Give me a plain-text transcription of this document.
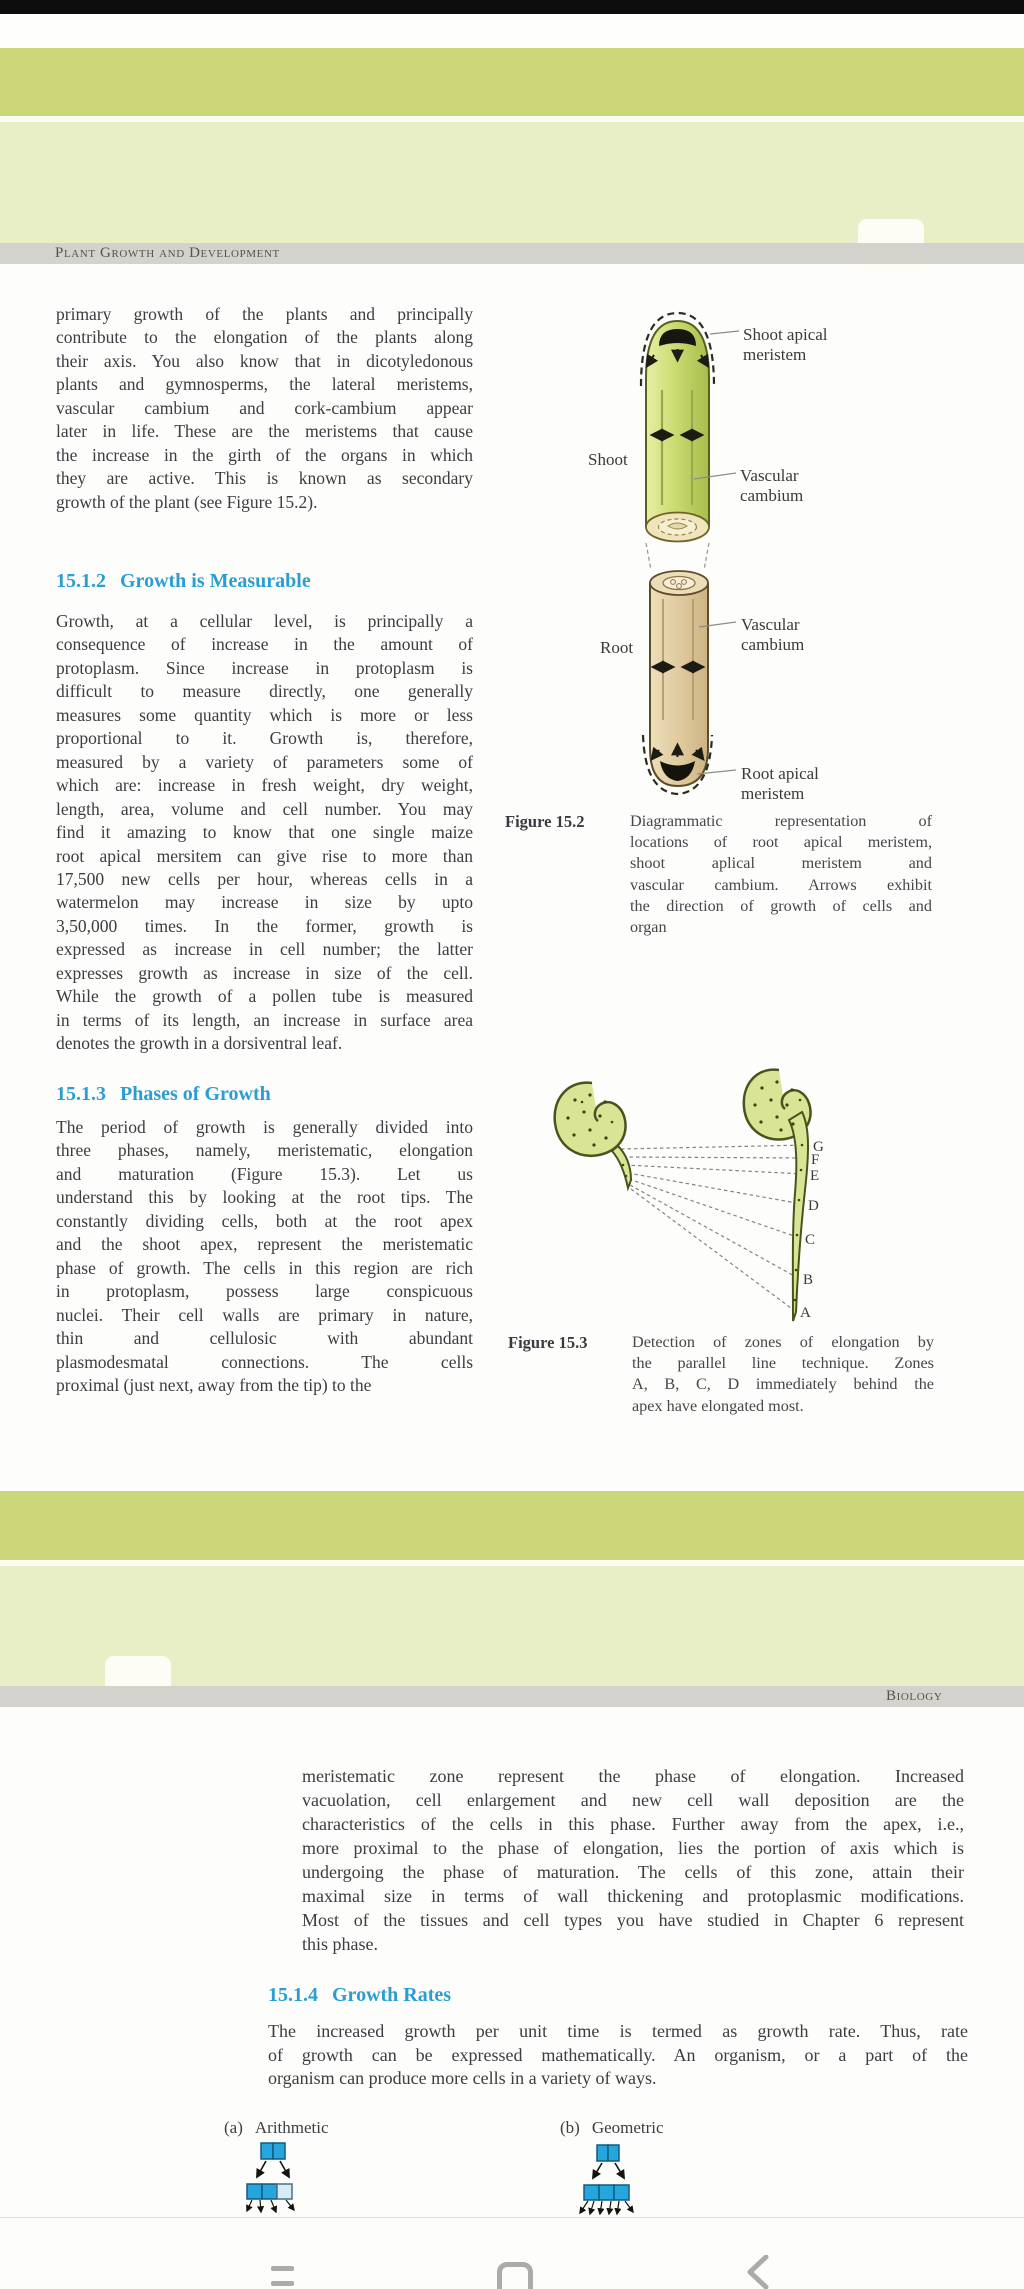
Plant Growth and Development
primary growth of the plants and principally
contribute to the elongation of the plants along
their axis. You also know that in dicotyledonous
plants and gymnosperms, the lateral meristems,
vascular cambium and cork-cambium appear
later in life. These are the meristems that cause
the increase in the girth of the organs in which
they are active. This is known as secondary
growth of the plant (see Figure 15.2).
15.1.2 Growth is Measurable
Growth, at a cellular level, is principally a
consequence of increase in the amount of
protoplasm. Since increase in protoplasm is
difficult to measure directly, one generally
measures some quantity which is more or less
proportional to it. Growth is, therefore,
measured by a variety of parameters some of
which are: increase in fresh weight, dry weight,
length, area, volume and cell number. You may
find it amazing to know that one single maize
root apical mersitem can give rise to more than
17,500 new cells per hour, whereas cells in a
watermelon may increase in size by upto
3,50,000 times. In the former, growth is
expressed as increase in cell number; the latter
expresses growth as increase in size of the cell.
While the growth of a pollen tube is measured
in terms of its length, an increase in surface area
denotes the growth in a dorsiventral leaf.
15.1.3 Phases of Growth
The period of growth is generally divided into
three phases, namely, meristematic, elongation
and maturation (Figure 15.3). Let us
understand this by looking at the root tips. The
constantly dividing cells, both at the root apex
and the shoot apex, represent the meristematic
phase of growth. The cells in this region are rich
in protoplasm, possess large conspicuous
nuclei. Their cell walls are primary in nature,
thin and cellulosic with abundant
plasmodesmatal connections. The cells
proximal (just next, away from the tip) to the
Shoot apical
meristem
Shoot
Vascular
cambium
Root
Vascular
cambium
Root apical
meristem
Figure 15.2	Diagrammatic representation of
locations of root apical meristem,
shoot aplical meristem and
vascular cambium. Arrows exhibit
the direction of growth of cells and
organ
G
F
E
D
C
B
A
Figure 15.3	Detection of zones of elongation by
the parallel line technique. Zones
A, B, C, D immediately behind the
apex have elongated most.
Biology
meristematic zone represent the phase of elongation. Increased
vacuolation, cell enlargement and new cell wall deposition are the
characteristics of the cells in this phase. Further away from the apex, i.e.,
more proximal to the phase of elongation, lies the portion of axis which is
undergoing the phase of maturation. The cells of this zone, attain their
maximal size in terms of wall thickening and protoplasmic modifications.
Most of the tissues and cell types you have studied in Chapter 6 represent
this phase.
15.1.4 Growth Rates
The increased growth per unit time is termed as growth rate. Thus, rate
of growth can be expressed mathematically. An organism, or a part of the
organism can produce more cells in a variety of ways.
(a) Arithmetic	(b) Geometric
